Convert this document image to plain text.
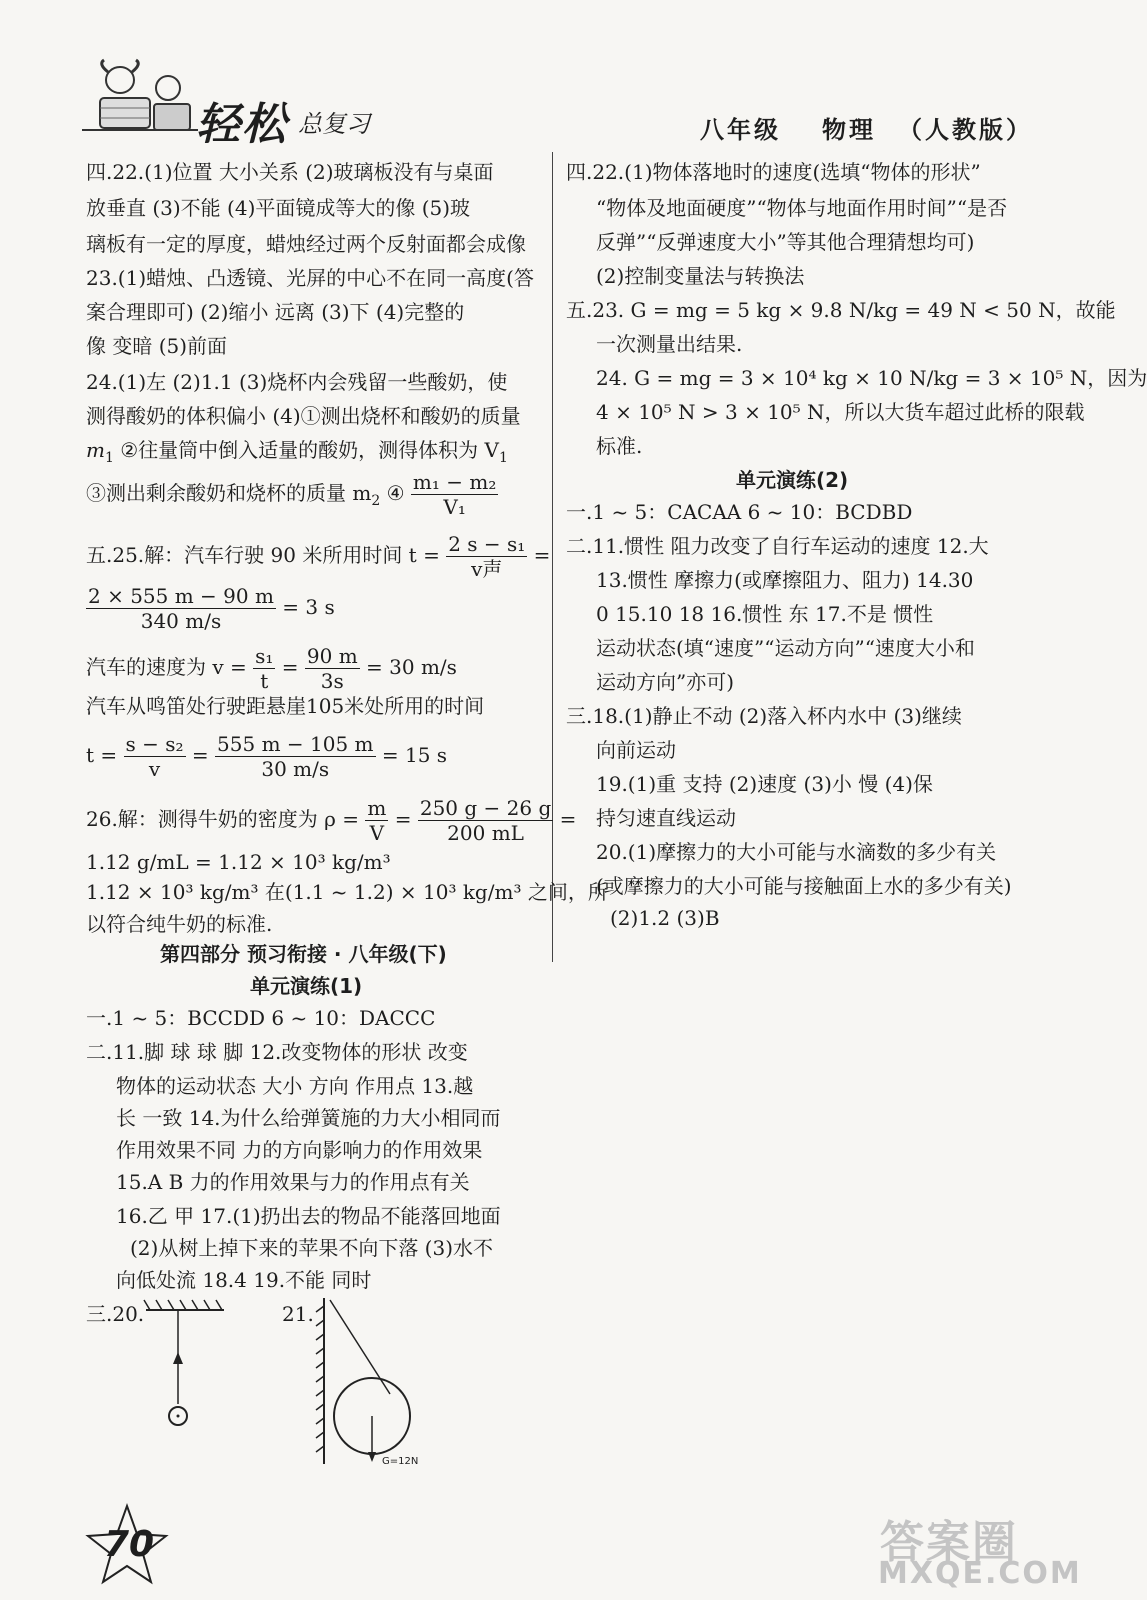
轻松 总复习	八年级 物理 （人教版）
四.22.(1)位置 大小关系 (2)玻璃板没有与桌面
放垂直 (3)不能 (4)平面镜成等大的像 (5)玻
璃板有一定的厚度，蜡烛经过两个反射面都会成像
23.(1)蜡烛、凸透镜、光屏的中心不在同一高度(答
案合理即可) (2)缩小 远离 (3)下 (4)完整的
像 变暗 (5)前面
24.(1)左 (2)1.1 (3)烧杯内会残留一些酸奶，使
测得酸奶的体积偏小 (4)①测出烧杯和酸奶的质量
$m_1$ ②往量筒中倒入适量的酸奶，测得体积为 $V_1$
③测出剩余酸奶和烧杯的质量 $m_2$ ④ $\frac{\text{m₁ − m₂}}{\text{V₁}}$
五.25.解：汽车行驶 90 米所用时间 $t = \frac{\text{2 s − s₁}}{\text{v声}}$ =
$\frac{2 \times 555 m - 90 m}{340 m/s} = 3$ s
汽车的速度为 $v = \frac{\text{s₁}}{t} = \frac{90 m}{3s} = 30$ m/s
汽车从鸣笛处行驶距悬崖105米处所用的时间
$t = \frac{\text{s − s₂}}{v} = \frac{555 m - 105 m}{30 m/s} = 15$ s
26.解：测得牛奶的密度为 $\rho = \frac{m}{V} = \frac{250 g - 26 g}{200 mL}$ =
1.12 g/mL = 1.12 × 10³ kg/m³
1.12 × 10³ kg/m³ 在(1.1 ~ 1.2) × 10³ kg/m³ 之间，所
以符合纯牛奶的标准.
第四部分 预习衔接 · 八年级(下)
单元演练(1)
一.1 ~ 5：BCCDD 6 ~ 10：DACCC
二.11.脚 球 球 脚 12.改变物体的形状 改变
物体的运动状态 大小 方向 作用点 13.越
长 一致 14.为什么给弹簧施的力大小相同而
作用效果不同 力的方向影响力的作用效果
15.A B 力的作用效果与力的作用点有关
16.乙 甲 17.(1)扔出去的物品不能落回地面
(2)从树上掉下来的苹果不向下落 (3)水不
向低处流 18.4 19.不能 同时
三.20.	21.
G=12N
四.22.(1)物体落地时的速度(选填“物体的形状”
“物体及地面硬度”“物体与地面作用时间”“是否
反弹”“反弹速度大小”等其他合理猜想均可)
(2)控制变量法与转换法
五.23. G = mg = 5 kg × 9.8 N/kg = 49 N < 50 N，故能
一次测量出结果.
24. G = mg = 3 × 10⁴ kg × 10 N/kg = 3 × 10⁵ N，因为
4 × 10⁵ N > 3 × 10⁵ N，所以大货车超过此桥的限载
标准.
单元演练(2)
一.1 ~ 5：CACAA 6 ~ 10：BCDBD
二.11.惯性 阻力改变了自行车运动的速度 12.大
13.惯性 摩擦力(或摩擦阻力、阻力) 14.30
0 15.10 18 16.惯性 东 17.不是 惯性
运动状态(填“速度”“运动方向”“速度大小和
运动方向”亦可)
三.18.(1)静止不动 (2)落入杯内水中 (3)继续
向前运动
19.(1)重 支持 (2)速度 (3)小 慢 (4)保
持匀速直线运动
20.(1)摩擦力的大小可能与水滴数的多少有关
(或摩擦力的大小可能与接触面上水的多少有关)
(2)1.2 (3)B
70	答案圈
MXQE.COM
